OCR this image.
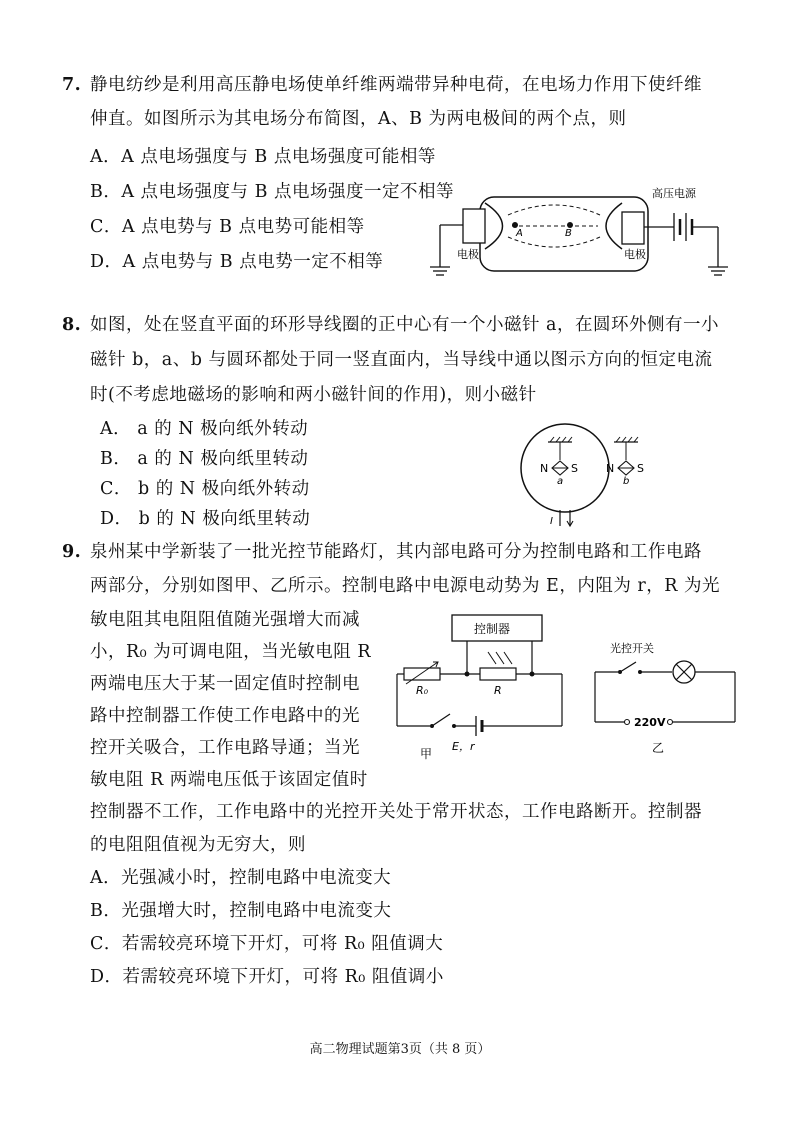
7. 静电纺纱是利用高压静电场使单纤维两端带异种电荷，在电场力作用下使纤维
伸直。如图所示为其电场分布简图，A、B 为两电极间的两个点，则
A．A 点电场强度与 B 点电场强度可能相等
B．A 点电场强度与 B 点电场强度一定不相等
C．A 点电势与 B 点电势可能相等
D．A 点电势与 B 点电势一定不相等
A	B
电极	电极
高压电源
8. 如图，处在竖直平面的环形导线圈的正中心有一个小磁针 a，在圆环外侧有一小
磁针 b，a、b 与圆环都处于同一竖直面内，当导线中通以图示方向的恒定电流
时(不考虑地磁场的影响和两小磁针间的作用)，则小磁针
A． a 的 N 极向纸外转动
B． a 的 N 极向纸里转动
C． b 的 N 极向纸外转动
D． b 的 N 极向纸里转动
N S
a
N S
b
I
9. 泉州某中学新装了一批光控节能路灯，其内部电路可分为控制电路和工作电路
两部分，分别如图甲、乙所示。控制电路中电源电动势为 E，内阻为 r，R 为光
敏电阻其电阻阻值随光强增大而减
小，R₀ 为可调电阻，当光敏电阻 R
两端电压大于某一固定值时控制电
路中控制器工作使工作电路中的光
控开关吸合，工作电路导通；当光
敏电阻 R 两端电压低于该固定值时
控制器不工作，工作电路中的光控开关处于常开状态，工作电路断开。控制器
的电阻阻值视为无穷大，则
A．光强减小时，控制电路中电流变大
B．光强增大时，控制电路中电流变大
C．若需较亮环境下开灯，可将 R₀ 阻值调大
D．若需较亮环境下开灯，可将 R₀ 阻值调小
控制器
R₀	R
E，r
甲
光控开关
220V
乙
高二物理试题第3页（共 8 页）
